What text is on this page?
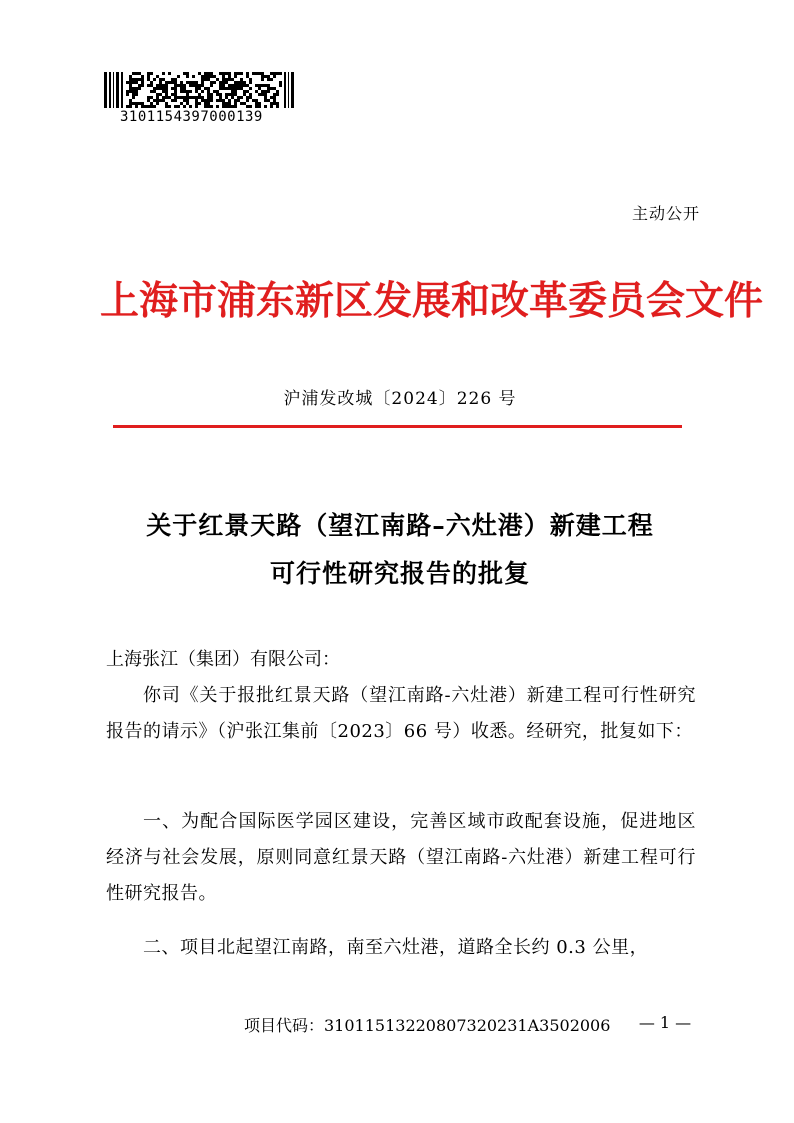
3101154397000139
主动公开
上海市浦东新区发展和改革委员会文件
沪浦发改城〔2024〕226 号
关于红景天路（望江南路–六灶港）新建工程
可行性研究报告的批复
上海张江（集团）有限公司：
你司《关于报批红景天路（望江南路-六灶港）新建工程可行性研究报告的请示》（沪张江集前〔2023〕66 号）收悉。经研究，批复如下：
一、为配合国际医学园区建设，完善区域市政配套设施，促进地区经济与社会发展，原则同意红景天路（望江南路-六灶港）新建工程可行性研究报告。
二、项目北起望江南路，南至六灶港，道路全长约 0.3 公里，
项目代码：31011513220807320231A3502006	— 1 —
